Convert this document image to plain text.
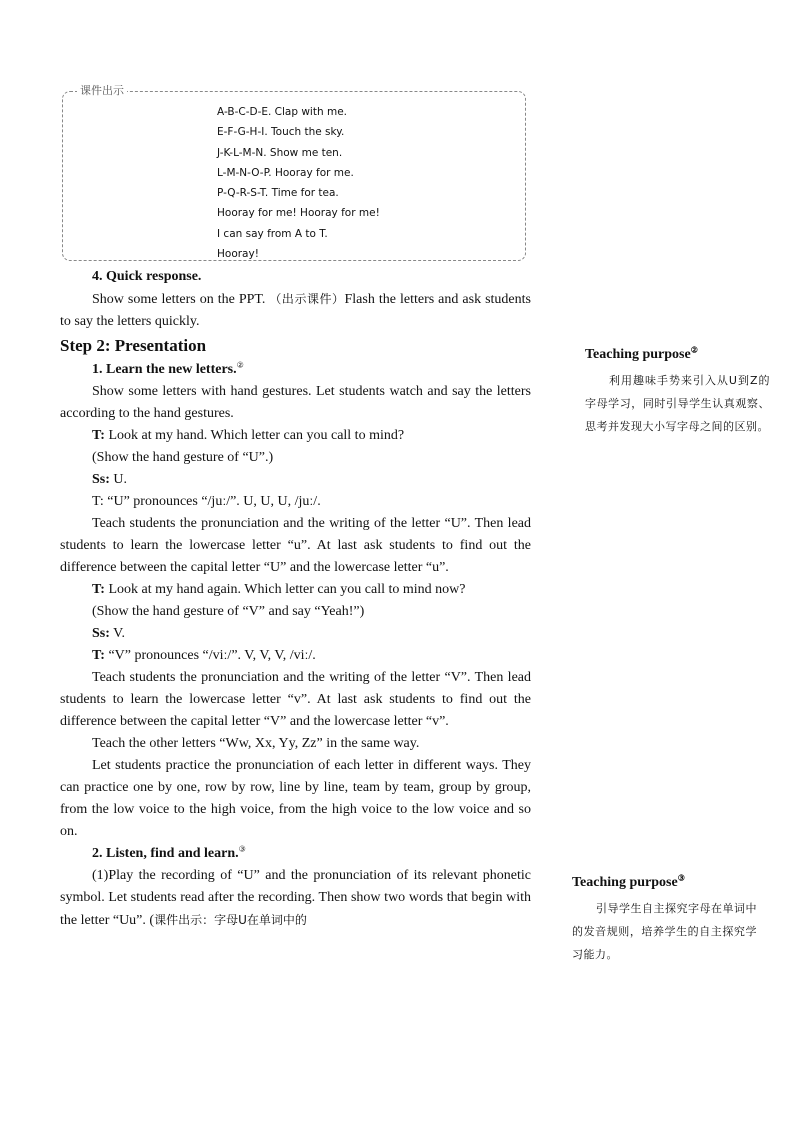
课件出示
A-B-C-D-E. Clap with me.
E-F-G-H-I. Touch the sky.
J-K-L-M-N. Show me ten.
L-M-N-O-P. Hooray for me.
P-Q-R-S-T. Time for tea.
Hooray for me! Hooray for me!
I can say from A to T.
Hooray!

4. Quick response.

Show some letters on the PPT. （出示课件）Flash the letters and ask students to say the letters quickly.

Step 2: Presentation

1. Learn the new letters.②

Show some letters with hand gestures. Let students watch and say the letters according to the hand gestures.

T: Look at my hand. Which letter can you call to mind?

(Show the hand gesture of “U”.)

Ss: U.

T: “U” pronounces “/juː/”. U, U, U, /juː/.

Teach students the pronunciation and the writing of the letter “U”. Then lead students to learn the lowercase letter “u”. At last ask students to find out the difference between the capital letter “U” and the lowercase letter “u”.

T: Look at my hand again. Which letter can you call to mind now?

(Show the hand gesture of “V” and say “Yeah!”)

Ss: V.

T: “V” pronounces “/viː/”. V, V, V, /viː/.

Teach students the pronunciation and the writing of the letter “V”. Then lead students to learn the lowercase letter “v”. At last ask students to find out the difference between the capital letter “V” and the lowercase letter “v”.

Teach the other letters “Ww, Xx, Yy, Zz” in the same way.

Let students practice the pronunciation of each letter in different ways. They can practice one by one, row by row, line by line, team by team, group by group, from the low voice to the high voice, from the high voice to the low voice and so on.

2. Listen, find and learn.③

(1)Play the recording of “U” and the pronunciation of its relevant phonetic symbol. Let students read after the recording. Then show two words that begin with the letter “Uu”. (课件出示：字母U在单词中的

Teaching purpose②

利用趣味手势来引入从U到Z的字母学习，同时引导学生认真观察、思考并发现大小写字母之间的区别。

Teaching purpose③

引导学生自主探究字母在单词中的发音规则，培养学生的自主探究学习能力。
